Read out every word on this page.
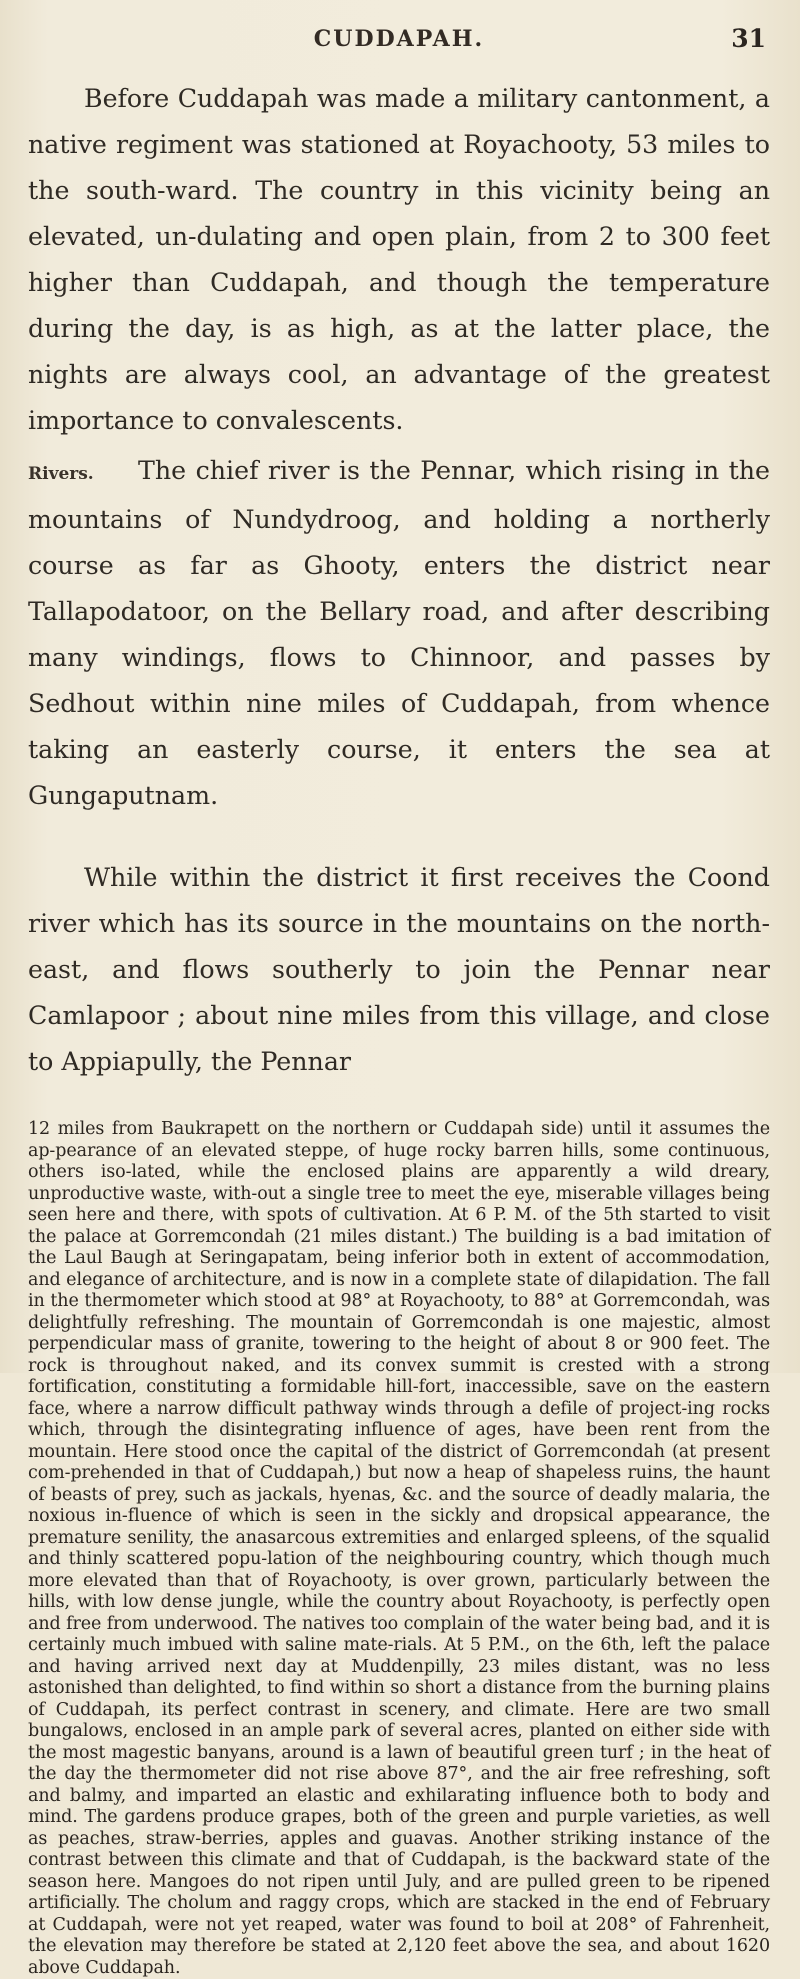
CUDDAPAH.	31

Before Cuddapah was made a military cantonment, a native regiment was stationed at Royachooty, 53 miles to the south-ward. The country in this vicinity being an elevated, un-dulating and open plain, from 2 to 300 feet higher than Cuddapah, and though the temperature during the day, is as high, as at the latter place, the nights are always cool, an advantage of the greatest importance to convalescents.

Rivers. The chief river is the Pennar, which rising in the mountains of Nundydroog, and holding a northerly course as far as Ghooty, enters the district near Tallapodatoor, on the Bellary road, and after describing many windings, flows to Chinnoor, and passes by Sedhout within nine miles of Cuddapah, from whence taking an easterly course, it enters the sea at Gungaputnam.

While within the district it first receives the Coond river which has its source in the mountains on the north-east, and flows southerly to join the Pennar near Camlapoor ; about nine miles from this village, and close to Appiapully, the Pennar

12 miles from Baukrapett on the northern or Cuddapah side) until it assumes the ap-pearance of an elevated steppe, of huge rocky barren hills, some continuous, others iso-lated, while the enclosed plains are apparently a wild dreary, unproductive waste, with-out a single tree to meet the eye, miserable villages being seen here and there, with spots of cultivation. At 6 P. M. of the 5th started to visit the palace at Gorremcondah (21 miles distant.) The building is a bad imitation of the Laul Baugh at Seringapatam, being inferior both in extent of accommodation, and elegance of architecture, and is now in a complete state of dilapidation. The fall in the thermometer which stood at 98° at Royachooty, to 88° at Gorremcondah, was delightfully refreshing. The mountain of Gorremcondah is one majestic, almost perpendicular mass of granite, towering to the height of about 8 or 900 feet. The rock is throughout naked, and its convex summit is crested with a strong fortification, constituting a formidable hill-fort, inaccessible, save on the eastern face, where a narrow difficult pathway winds through a defile of project-ing rocks which, through the disintegrating influence of ages, have been rent from the mountain. Here stood once the capital of the district of Gorremcondah (at present com-prehended in that of Cuddapah,) but now a heap of shapeless ruins, the haunt of beasts of prey, such as jackals, hyenas, &c. and the source of deadly malaria, the noxious in-fluence of which is seen in the sickly and dropsical appearance, the premature senility, the anasarcous extremities and enlarged spleens, of the squalid and thinly scattered popu-lation of the neighbouring country, which though much more elevated than that of Royachooty, is over grown, particularly between the hills, with low dense jungle, while the country about Royachooty, is perfectly open and free from underwood. The natives too complain of the water being bad, and it is certainly much imbued with saline mate-rials. At 5 P.M., on the 6th, left the palace and having arrived next day at Muddenpilly, 23 miles distant, was no less astonished than delighted, to find within so short a distance from the burning plains of Cuddapah, its perfect contrast in scenery, and climate. Here are two small bungalows, enclosed in an ample park of several acres, planted on either side with the most magestic banyans, around is a lawn of beautiful green turf ; in the heat of the day the thermometer did not rise above 87°, and the air free refreshing, soft and balmy, and imparted an elastic and exhilarating influence both to body and mind. The gardens produce grapes, both of the green and purple varieties, as well as peaches, straw-berries, apples and guavas. Another striking instance of the contrast between this climate and that of Cuddapah, is the backward state of the season here. Mangoes do not ripen until July, and are pulled green to be ripened artificially. The cholum and raggy crops, which are stacked in the end of February at Cuddapah, were not yet reaped, water was found to boil at 208° of Fahrenheit, the elevation may therefore be stated at 2,120 feet above the sea, and about 1620 above Cuddapah.
